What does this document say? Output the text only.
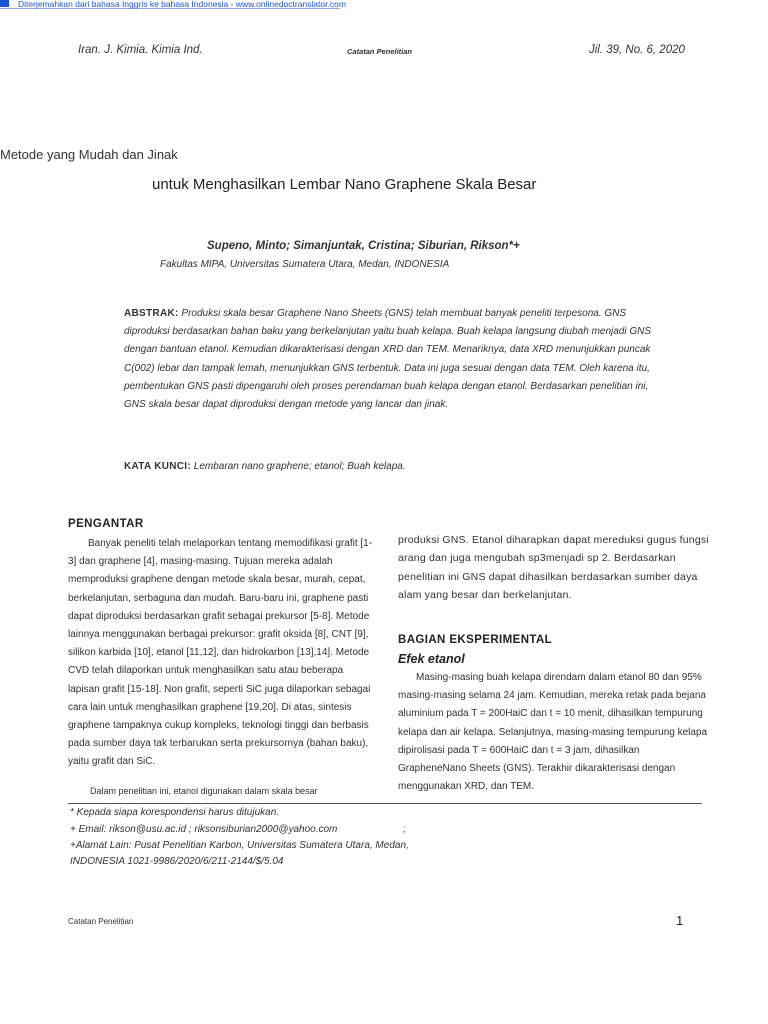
Diterjemahkan dari bahasa Inggris ke bahasa Indonesia - www.onlinedoctranslator.com
Iran. J. Kimia. Kimia Ind.	Catatan Penelitian	Jil. 39, No. 6, 2020
Metode yang Mudah dan Jinak
untuk Menghasilkan Lembar Nano Graphene Skala Besar
Supeno, Minto; Simanjuntak, Cristina; Siburian, Rikson*+
Fakultas MIPA, Universitas Sumatera Utara, Medan, INDONESIA
ABSTRAK: Produksi skala besar Graphene Nano Sheets (GNS) telah membuat banyak peneliti terpesona. GNS diproduksi berdasarkan bahan baku yang berkelanjutan yaitu buah kelapa. Buah kelapa langsung diubah menjadi GNS dengan bantuan etanol. Kemudian dikarakterisasi dengan XRD dan TEM. Menariknya, data XRD menunjukkan puncak C(002) lebar dan tampak lemah, menunjukkan GNS terbentuk. Data ini juga sesuai dengan data TEM. Oleh karena itu, pembentukan GNS pasti dipengaruhi oleh proses perendaman buah kelapa dengan etanol. Berdasarkan penelitian ini, GNS skala besar dapat diproduksi dengan metode yang lancar dan jinak.
KATA KUNCI: Lembaran nano graphene; etanol; Buah kelapa.
PENGANTAR

Banyak peneliti telah melaporkan tentang memodifikasi grafit [1-3] dan graphene [4], masing-masing. Tujuan mereka adalah memproduksi graphene dengan metode skala besar, murah, cepat, berkelanjutan, serbaguna dan mudah. Baru-baru ini, graphene pasti dapat diproduksi berdasarkan grafit sebagai prekursor [5-8]. Metode lainnya menggunakan berbagai prekursor: grafit oksida [8], CNT [9], silikon karbida [10], etanol [11,12], dan hidrokarbon [13],14]. Metode CVD telah dilaporkan untuk menghasilkan satu atau beberapa lapisan grafit [15-18]. Non grafit, seperti SiC juga dilaporkan sebagai cara lain untuk menghasilkan graphene [19,20]. Di atas, sintesis graphene tampaknya cukup kompleks, teknologi tinggi dan berbasis pada sumber daya tak terbarukan serta prekursornya (bahan baku), yaitu grafit dan SiC.

Dalam penelitian ini, etanol digunakan dalam skala besar
produksi GNS. Etanol diharapkan dapat mereduksi gugus fungsi arang dan juga mengubah sp3menjadi sp 2. Berdasarkan penelitian ini GNS dapat dihasilkan berdasarkan sumber daya alam yang besar dan berkelanjutan.
BAGIAN EKSPERIMENTAL
Efek etanol

Masing-masing buah kelapa direndam dalam etanol 80 dan 95% masing-masing selama 24 jam. Kemudian, mereka retak pada bejana aluminium pada T = 200HaiC dan t = 10 menit, dihasilkan tempurung kelapa dan air kelapa. Selanjutnya, masing-masing tempurung kelapa dipirolisasi pada T = 600HaiC dan t = 3 jam, dihasilkan GrapheneNano Sheets (GNS). Terakhir dikarakterisasi dengan menggunakan XRD, dan TEM.

* Kepada siapa korespondensi harus ditujukan.
+ Email: rikson@usu.ac.id ; riksonsiburian2000@yahoo.com	;
+Alamat Lain: Pusat Penelitian Karbon, Universitas Sumatera Utara, Medan,
INDONESIA 1021-9986/2020/6/211-2144/$/5.04
Catatan Penelitian	1
